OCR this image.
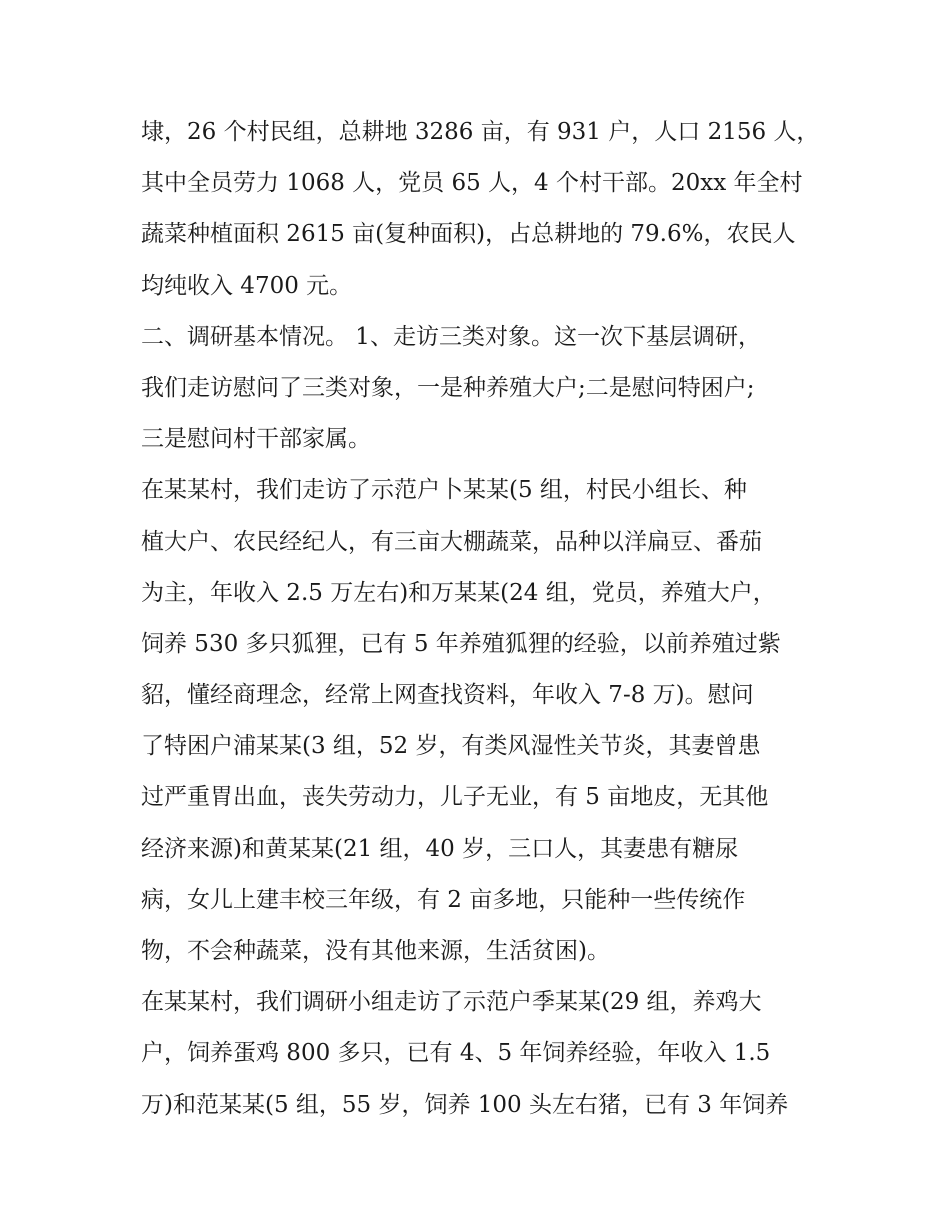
埭，26 个村民组，总耕地 3286 亩，有 931 户，人口 2156 人，
其中全员劳力 1068 人，党员 65 人，4 个村干部。20xx 年全村
蔬菜种植面积 2615 亩(复种面积)，占总耕地的 79.6%，农民人
均纯收入 4700 元。
二、调研基本情况。 1、走访三类对象。这一次下基层调研，
我们走访慰问了三类对象，一是种养殖大户;二是慰问特困户;
三是慰问村干部家属。
在某某村，我们走访了示范户卜某某(5 组，村民小组长、种
植大户、农民经纪人，有三亩大棚蔬菜，品种以洋扁豆、番茄
为主，年收入 2.5 万左右)和万某某(24 组，党员，养殖大户，
饲养 530 多只狐狸，已有 5 年养殖狐狸的经验，以前养殖过紫
貂，懂经商理念，经常上网查找资料，年收入 7-8 万)。慰问
了特困户浦某某(3 组，52 岁，有类风湿性关节炎，其妻曾患
过严重胃出血，丧失劳动力，儿子无业，有 5 亩地皮，无其他
经济来源)和黄某某(21 组，40 岁，三口人，其妻患有糖尿
病，女儿上建丰校三年级，有 2 亩多地，只能种一些传统作
物，不会种蔬菜，没有其他来源，生活贫困)。
在某某村，我们调研小组走访了示范户季某某(29 组，养鸡大
户，饲养蛋鸡 800 多只，已有 4、5 年饲养经验，年收入 1.5
万)和范某某(5 组，55 岁，饲养 100 头左右猪，已有 3 年饲养
